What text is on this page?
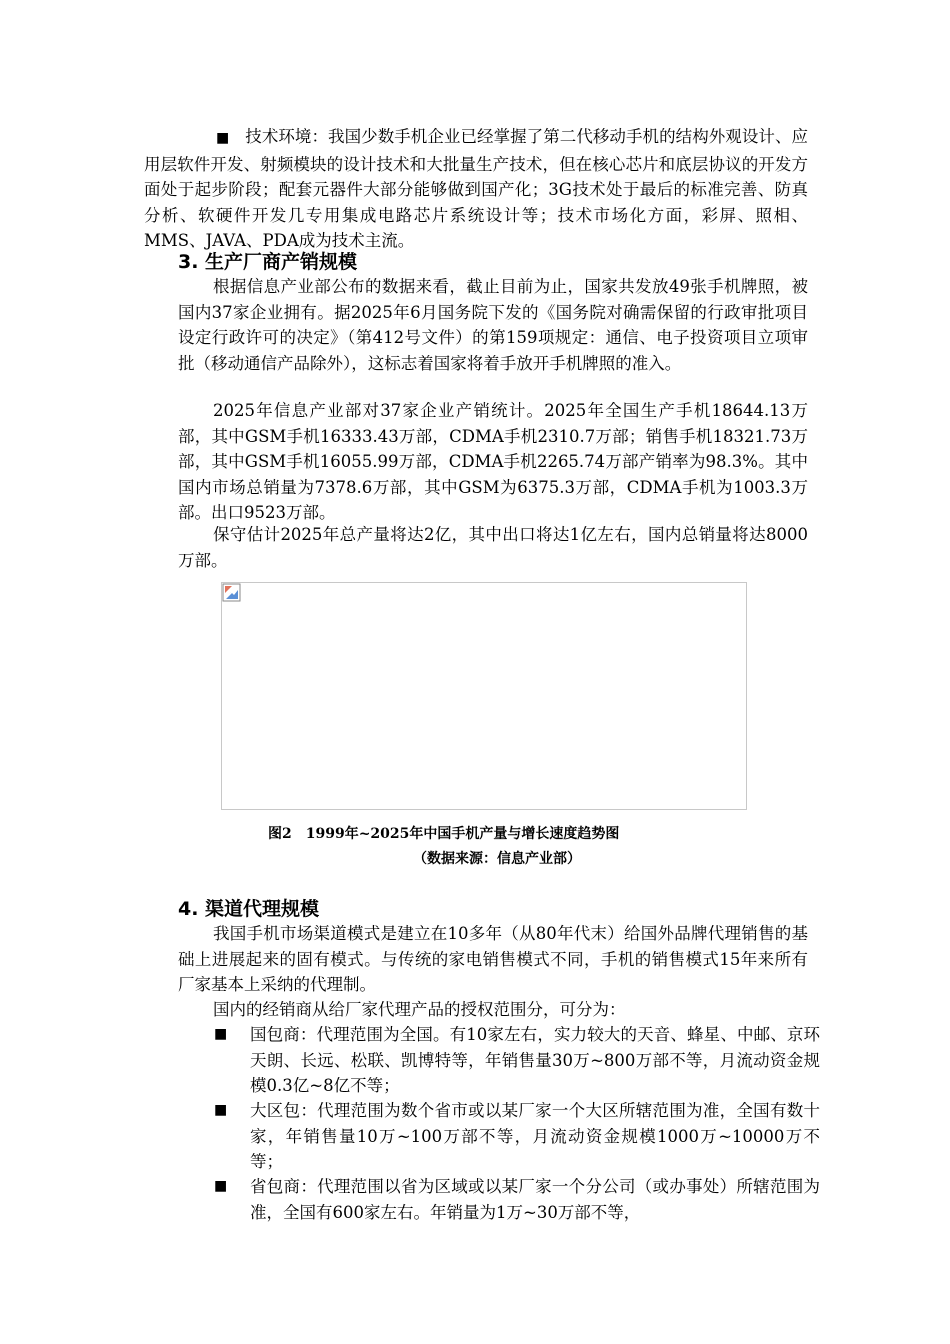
■ 技术环境：我国少数手机企业已经掌握了第二代移动手机的结构外观设计、应用层软件开发、射频模块的设计技术和大批量生产技术，但在核心芯片和底层协议的开发方面处于起步阶段；配套元器件大部分能够做到国产化；3G技术处于最后的标准完善、防真分析、软硬件开发几专用集成电路芯片系统设计等；技术市场化方面，彩屏、照相、MMS、JAVA、PDA成为技术主流。

3. 生产厂商产销规模

根据信息产业部公布的数据来看，截止目前为止，国家共发放49张手机牌照，被国内37家企业拥有。据2025年6月国务院下发的《国务院对确需保留的行政审批项目设定行政许可的决定》（第412号文件）的第159项规定：通信、电子投资项目立项审批（移动通信产品除外），这标志着国家将着手放开手机牌照的准入。

2025年信息产业部对37家企业产销统计。2025年全国生产手机18644.13万部，其中GSM手机16333.43万部，CDMA手机2310.7万部；销售手机18321.73万部，其中GSM手机16055.99万部，CDMA手机2265.74万部产销率为98.3%。其中国内市场总销量为7378.6万部，其中GSM为6375.3万部，CDMA手机为1003.3万部。出口9523万部。

保守估计2025年总产量将达2亿，其中出口将达1亿左右，国内总销量将达8000万部。

图2　1999年~2025年中国手机产量与增长速度趋势图
（数据来源：信息产业部）
4. 渠道代理规模

我国手机市场渠道模式是建立在10多年（从80年代末）给国外品牌代理销售的基础上进展起来的固有模式。与传统的家电销售模式不同，手机的销售模式15年来所有厂家基本上采纳的代理制。

国内的经销商从给厂家代理产品的授权范围分，可分为：

■ 国包商：代理范围为全国。有10家左右，实力较大的天音、蜂星、中邮、京环天朗、长远、松联、凯博特等，年销售量30万~800万部不等，月流动资金规模0.3亿~8亿不等；
■ 大区包：代理范围为数个省市或以某厂家一个大区所辖范围为准，全国有数十家，年销售量10万~100万部不等，月流动资金规模1000万~10000万不等；
■ 省包商：代理范围以省为区域或以某厂家一个分公司（或办事处）所辖范围为准，全国有600家左右。年销量为1万~30万部不等，
